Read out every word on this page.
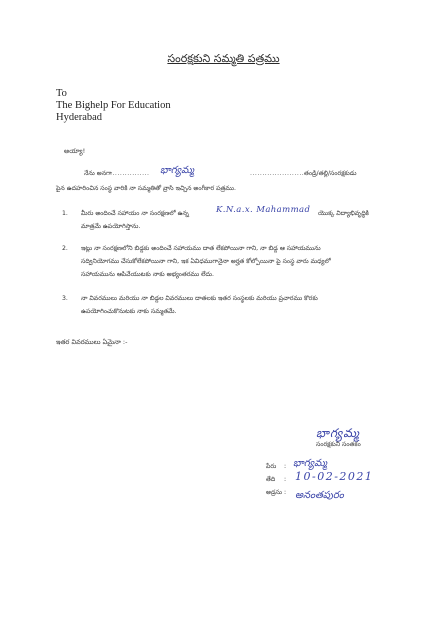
సంరక్షకుని సమ్మతి పత్రము
To
The Bighelp For Education
Hyderabad
అయ్యా!
నేను అనగా
................ భాగ్యమ్మ	...................... తండ్రి/తల్లి/సంరక్షకుడు
పైన ఉదహరించిన సంస్థ వారికి నా సమ్మతితో వ్రాసి ఇచ్చిన అంగీకార పత్రము.
1. మీరు అందించే సహాయం నా సంరక్షణలో ఉన్న	K.N.a.x. Mahammad యొక్క విద్యాభివృద్ధికి
మాత్రమే ఉపయోగిస్తాను.
2. ఇట్లు నా సంరక్షణలోని బిడ్డకు అందించే సహాయము దాత లేకపోయినా గాని, నా బిడ్డ ఆ సహాయమును
సద్వినియోగము చేసుకోలేకపోయినా గాని, ఇక ఏవిధముగానైనా అర్హత కోల్పోయినా పై సంస్థ వారు మధ్యలో
సహాయమును ఆపివేయుటకు నాకు అభ్యంతరము లేదు.
3. నా వివరములు మరియు నా బిడ్డల వివరములు దాతలకు ఇతర సంస్థలకు మరియు ప్రచారము కొరకు
ఉపయోగించుకొనుటకు నాకు సమ్మతమే.
ఇతర వివరములు ఏమైనా :-
భాగ్యమ్మ
సంరక్షకుని సంతకం
పేరు : భాగ్యమ్మ
తేది : 10-02-2021
అడ్రసు : అనంతపురం
